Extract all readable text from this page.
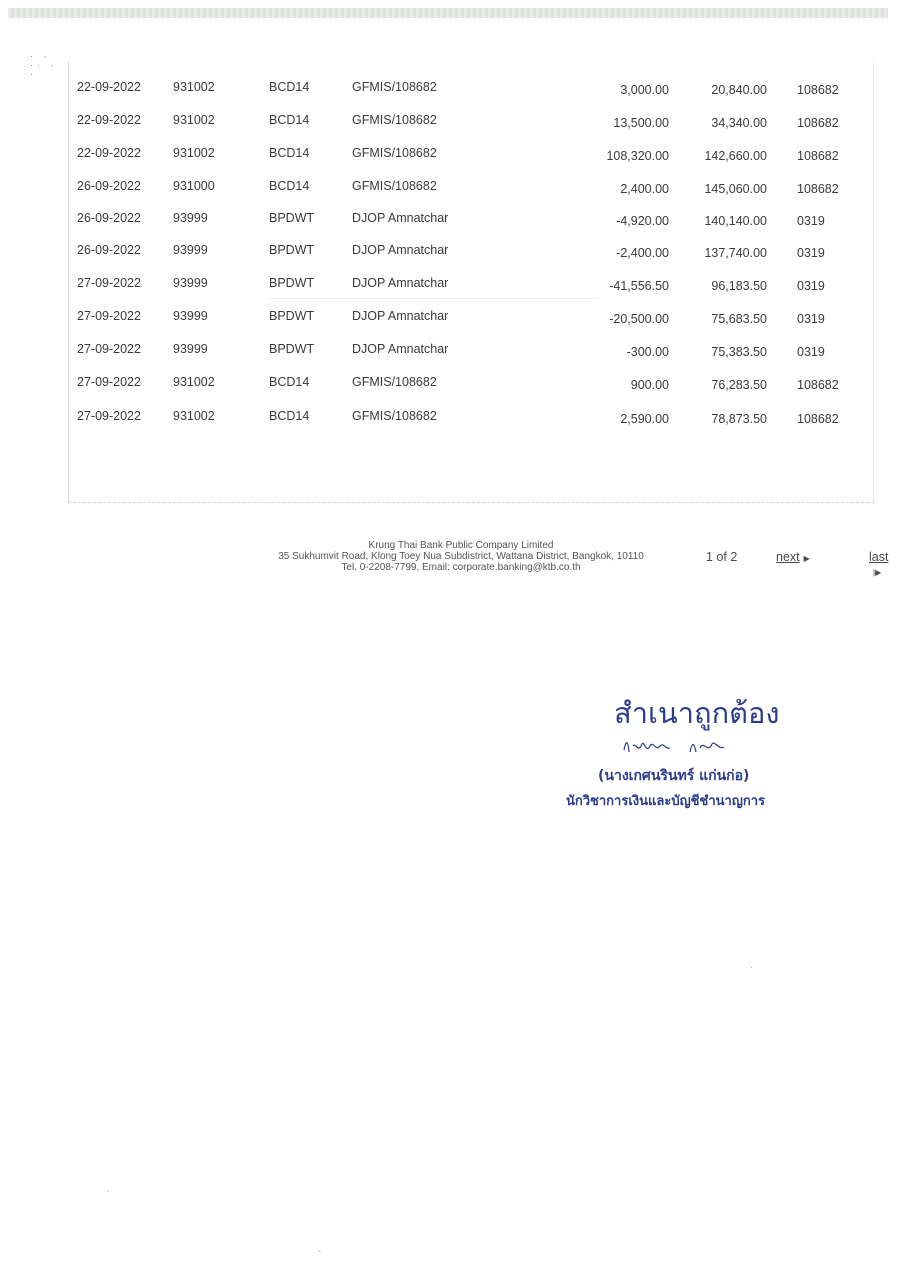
· ·
·· ·
·
22-09-2022	931002	BCD14	GFMIS/108682	3,000.00	20,840.00 108682
22-09-2022	931002	BCD14	GFMIS/108682	13,500.00	34,340.00 108682
22-09-2022	931002	BCD14	GFMIS/108682	108,320.00	142,660.00 108682
26-09-2022	931000	BCD14	GFMIS/108682	2,400.00	145,060.00 108682
26-09-2022	93999	BPDWT	DJOP Amnatchar	-4,920.00	140,140.00 0319
26-09-2022	93999	BPDWT	DJOP Amnatchar	-2,400.00	137,740.00 0319
27-09-2022	93999	BPDWT	DJOP Amnatchar	-41,556.50	96,183.50 0319
27-09-2022	93999	BPDWT	DJOP Amnatchar	-20,500.00	75,683.50 0319
27-09-2022	93999	BPDWT	DJOP Amnatchar	-300.00	75,383.50 0319
27-09-2022	931002	BCD14	GFMIS/108682	900.00	76,283.50 108682
27-09-2022	931002	BCD14	GFMIS/108682	2,590.00	78,873.50 108682
1 of 2	next ▶	last|▶
Krung Thai Bank Public Company Limited
35 Sukhumvit Road, Klong Toey Nua Subdistrict, Wattana District, Bangkok, 10110
Tel. 0-2208-7799, Email: corporate.banking@ktb.co.th
สำเนาถูกต้อง
(นางเกศนรินทร์ แก่นก่อ)
นักวิชาการเงินและบัญชีชำนาญการ
·
·
-
